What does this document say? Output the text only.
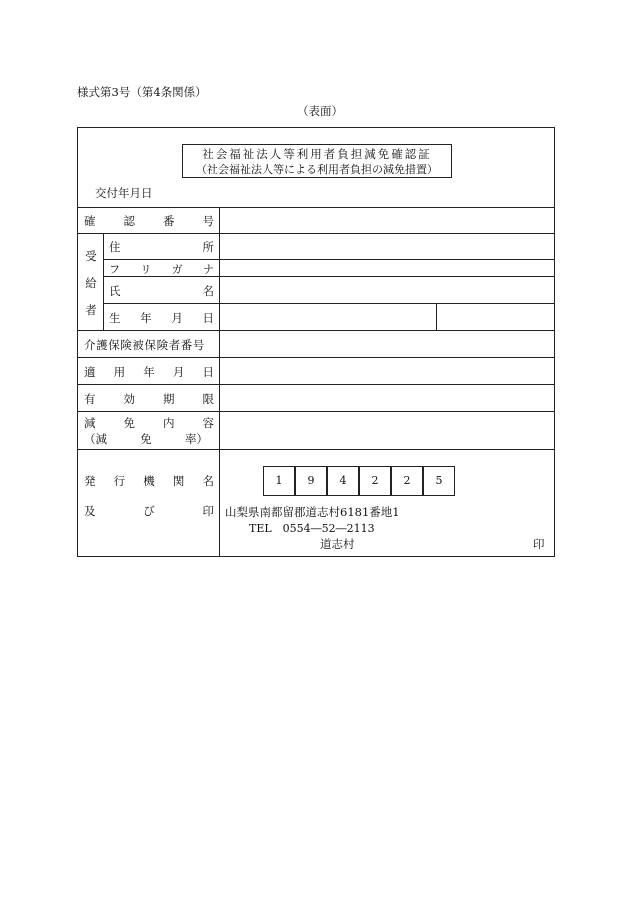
様式第3号（第4条関係）
（表面）
社会福祉法人等利用者負担減免確認証
（社会福祉法人等による利用者負担の減免措置）
交付年月日
確 認 番 号
受
給
者
住	所
フ リ ガ ナ
氏	名
生 年 月 日
介護保険被保険者番号
適 用 年 月 日
有 効 期 限
減 免 内 容
（減	免	率）
発 行 機 関 名
及	び	印
1	9	4	2	2	5
山梨県南都留郡道志村6181番地1
TEL　0554―52―2113
道志村	印
